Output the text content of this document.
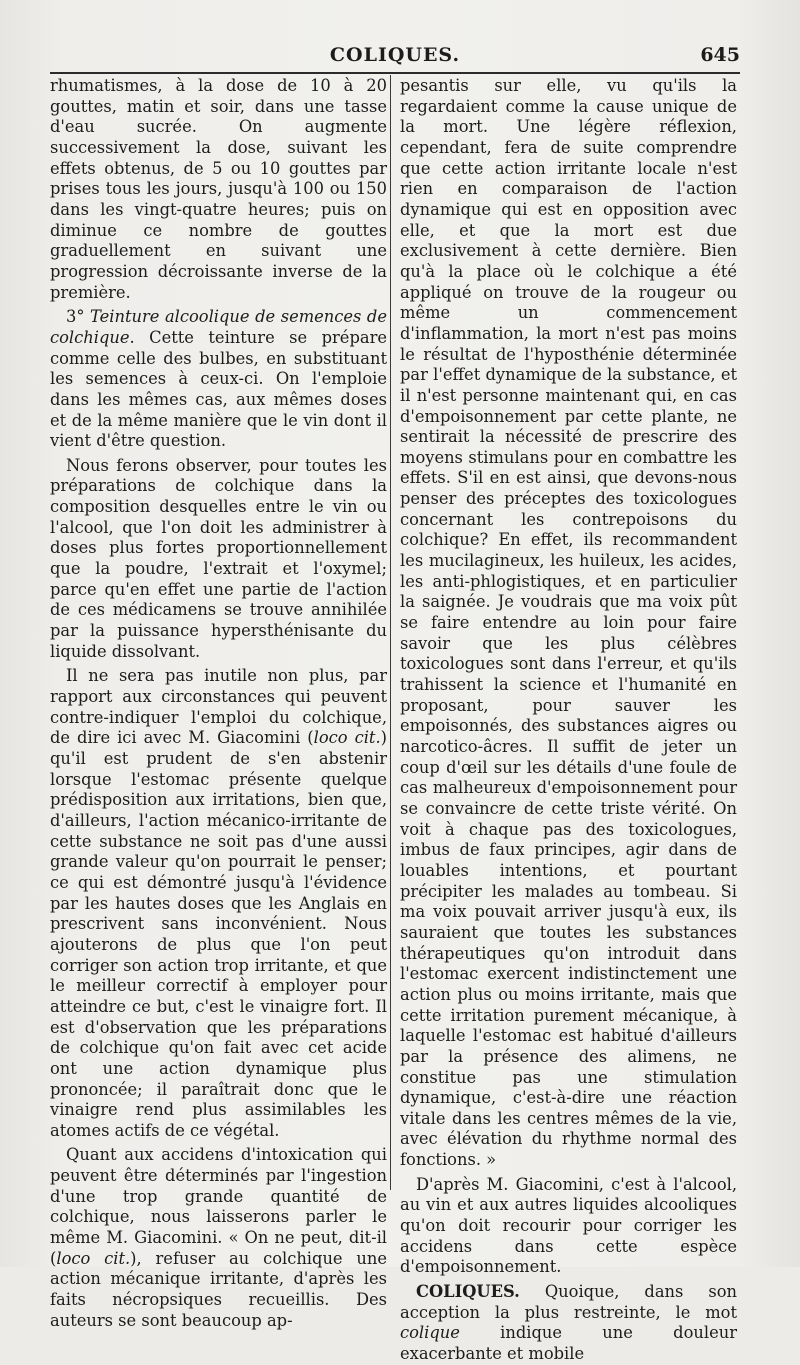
COLIQUES.	645

rhumatismes, à la dose de 10 à 20 gouttes, matin et soir, dans une tasse d'eau sucrée. On augmente successivement la dose, suivant les effets obtenus, de 5 ou 10 gouttes par prises tous les jours, jusqu'à 100 ou 150 dans les vingt-quatre heures; puis on diminue ce nombre de gouttes graduellement en suivant une progression décroissante inverse de la première.

3° Teinture alcoolique de semences de colchique. Cette teinture se prépare comme celle des bulbes, en substituant les semences à ceux-ci. On l'emploie dans les mêmes cas, aux mêmes doses et de la même manière que le vin dont il vient d'être question.

Nous ferons observer, pour toutes les préparations de colchique dans la composition desquelles entre le vin ou l'alcool, que l'on doit les administrer à doses plus fortes proportionnellement que la poudre, l'extrait et l'oxymel; parce qu'en effet une partie de l'action de ces médicamens se trouve annihilée par la puissance hypersthénisante du liquide dissolvant.

Il ne sera pas inutile non plus, par rapport aux circonstances qui peuvent contre-indiquer l'emploi du colchique, de dire ici avec M. Giacomini (loco cit.) qu'il est prudent de s'en abstenir lorsque l'estomac présente quelque prédisposition aux irritations, bien que, d'ailleurs, l'action mécanico-irritante de cette substance ne soit pas d'une aussi grande valeur qu'on pourrait le penser; ce qui est démontré jusqu'à l'évidence par les hautes doses que les Anglais en prescrivent sans inconvénient. Nous ajouterons de plus que l'on peut corriger son action trop irritante, et que le meilleur correctif à employer pour atteindre ce but, c'est le vinaigre fort. Il est d'observation que les préparations de colchique qu'on fait avec cet acide ont une action dynamique plus prononcée; il paraîtrait donc que le vinaigre rend plus assimilables les atomes actifs de ce végétal.

Quant aux accidens d'intoxication qui peuvent être déterminés par l'ingestion d'une trop grande quantité de colchique, nous laisserons parler le même M. Giacomini. « On ne peut, dit-il (loco cit.), refuser au colchique une action mécanique irritante, d'après les faits nécropsiques recueillis. Des auteurs se sont beaucoup ap-

pesantis sur elle, vu qu'ils la regardaient comme la cause unique de la mort. Une légère réflexion, cependant, fera de suite comprendre que cette action irritante locale n'est rien en comparaison de l'action dynamique qui est en opposition avec elle, et que la mort est due exclusivement à cette dernière. Bien qu'à la place où le colchique a été appliqué on trouve de la rougeur ou même un commencement d'inflammation, la mort n'est pas moins le résultat de l'hyposthénie déterminée par l'effet dynamique de la substance, et il n'est personne maintenant qui, en cas d'empoisonnement par cette plante, ne sentirait la nécessité de prescrire des moyens stimulans pour en combattre les effets. S'il en est ainsi, que devons-nous penser des préceptes des toxicologues concernant les contrepoisons du colchique? En effet, ils recommandent les mucilagineux, les huileux, les acides, les anti-phlogistiques, et en particulier la saignée. Je voudrais que ma voix pût se faire entendre au loin pour faire savoir que les plus célèbres toxicologues sont dans l'erreur, et qu'ils trahissent la science et l'humanité en proposant, pour sauver les empoisonnés, des substances aigres ou narcotico-âcres. Il suffit de jeter un coup d'œil sur les détails d'une foule de cas malheureux d'empoisonnement pour se convaincre de cette triste vérité. On voit à chaque pas des toxicologues, imbus de faux principes, agir dans de louables intentions, et pourtant précipiter les malades au tombeau. Si ma voix pouvait arriver jusqu'à eux, ils sauraient que toutes les substances thérapeutiques qu'on introduit dans l'estomac exercent indistinctement une action plus ou moins irritante, mais que cette irritation purement mécanique, à laquelle l'estomac est habitué d'ailleurs par la présence des alimens, ne constitue pas une stimulation dynamique, c'est-à-dire une réaction vitale dans les centres mêmes de la vie, avec élévation du rhythme normal des fonctions. »

D'après M. Giacomini, c'est à l'alcool, au vin et aux autres liquides alcooliques qu'on doit recourir pour corriger les accidens dans cette espèce d'empoisonnement.

COLIQUES. Quoique, dans son acception la plus restreinte, le mot colique indique une douleur exacerbante et mobile
